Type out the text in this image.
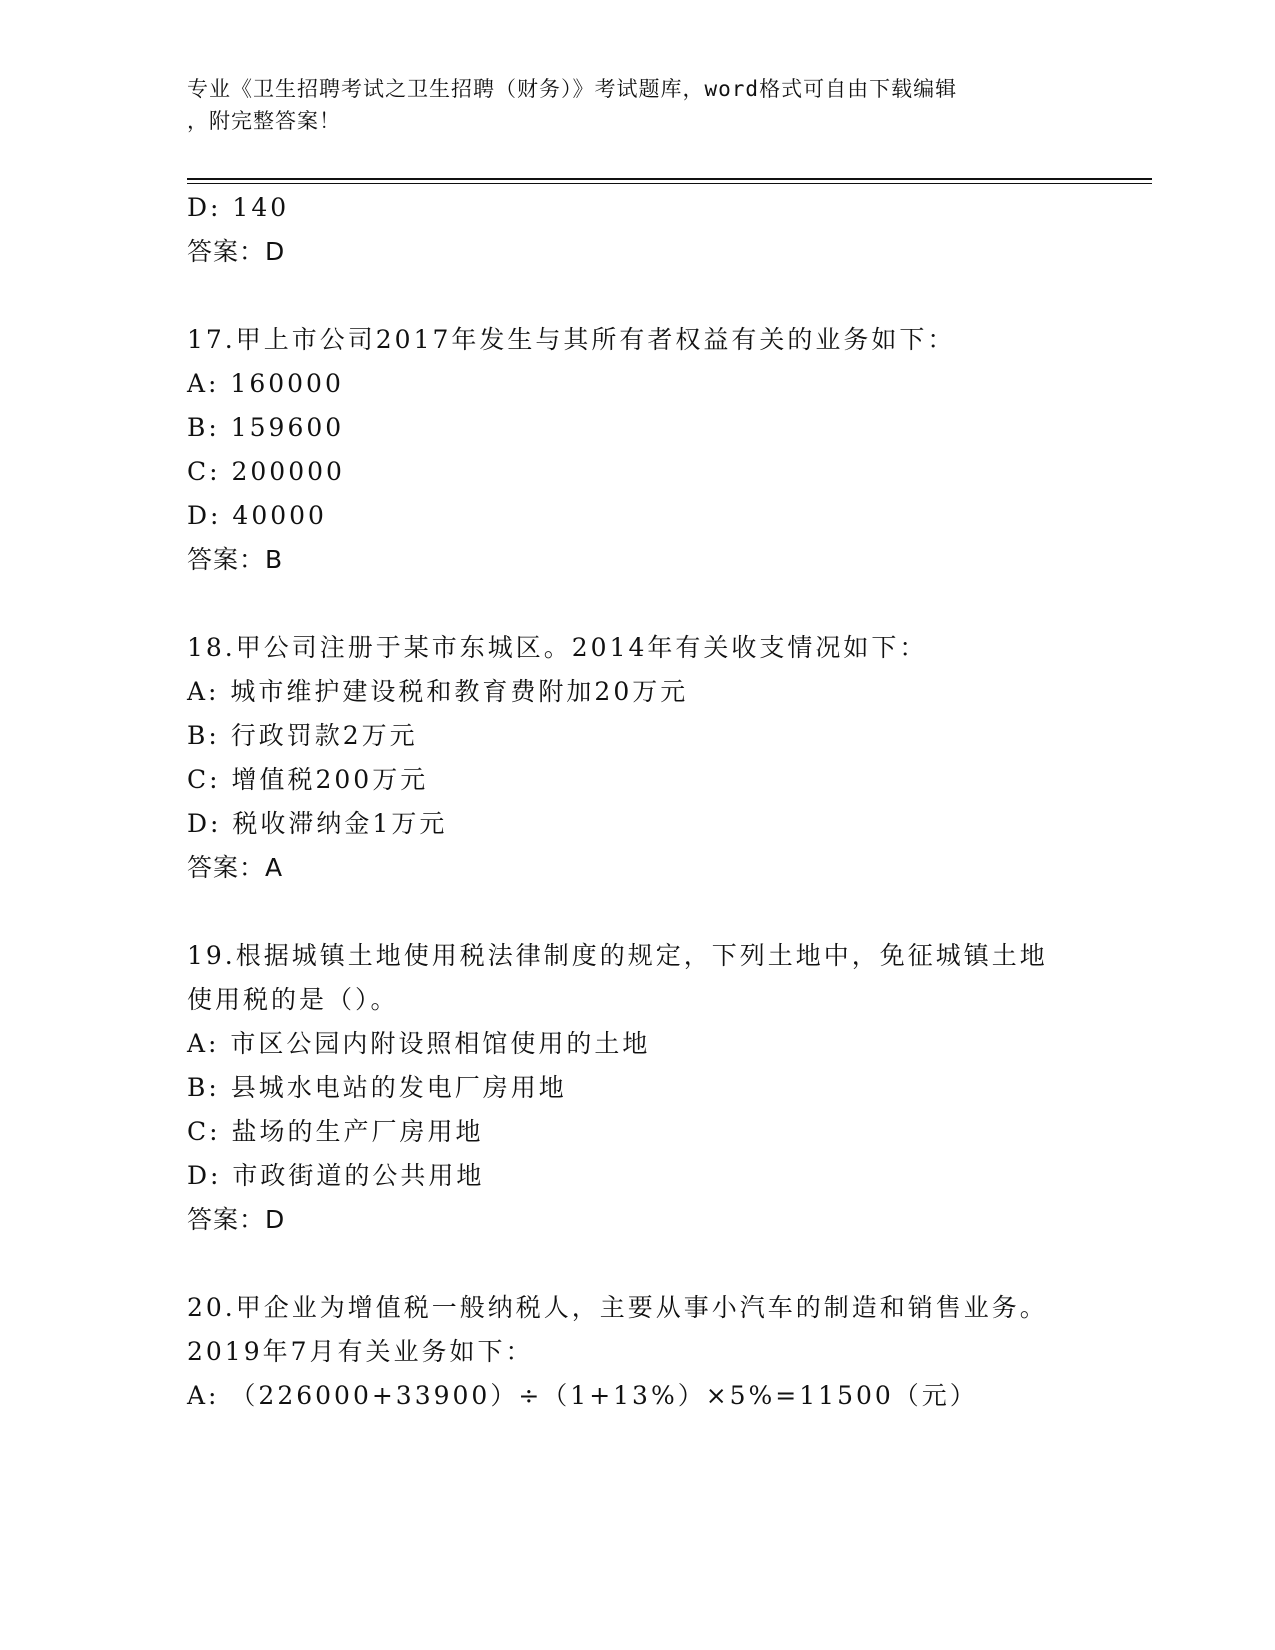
专业《卫生招聘考试之卫生招聘（财务）》考试题库，word格式可自由下载编辑
，附完整答案！
D: 140
答案：D
17.甲上市公司2017年发生与其所有者权益有关的业务如下：
A: 160000
B: 159600
C: 200000
D: 40000
答案：B
18.甲公司注册于某市东城区。2014年有关收支情况如下：
A: 城市维护建设税和教育费附加20万元
B: 行政罚款2万元
C: 增值税200万元
D: 税收滞纳金1万元
答案：A
19.根据城镇土地使用税法律制度的规定，下列土地中，免征城镇土地
使用税的是（）。
A: 市区公园内附设照相馆使用的土地
B: 县城水电站的发电厂房用地
C: 盐场的生产厂房用地
D: 市政街道的公共用地
答案：D
20.甲企业为增值税一般纳税人，主要从事小汽车的制造和销售业务。
2019年7月有关业务如下：
A: （226000+33900）÷（1+13%）×5%=11500（元）
